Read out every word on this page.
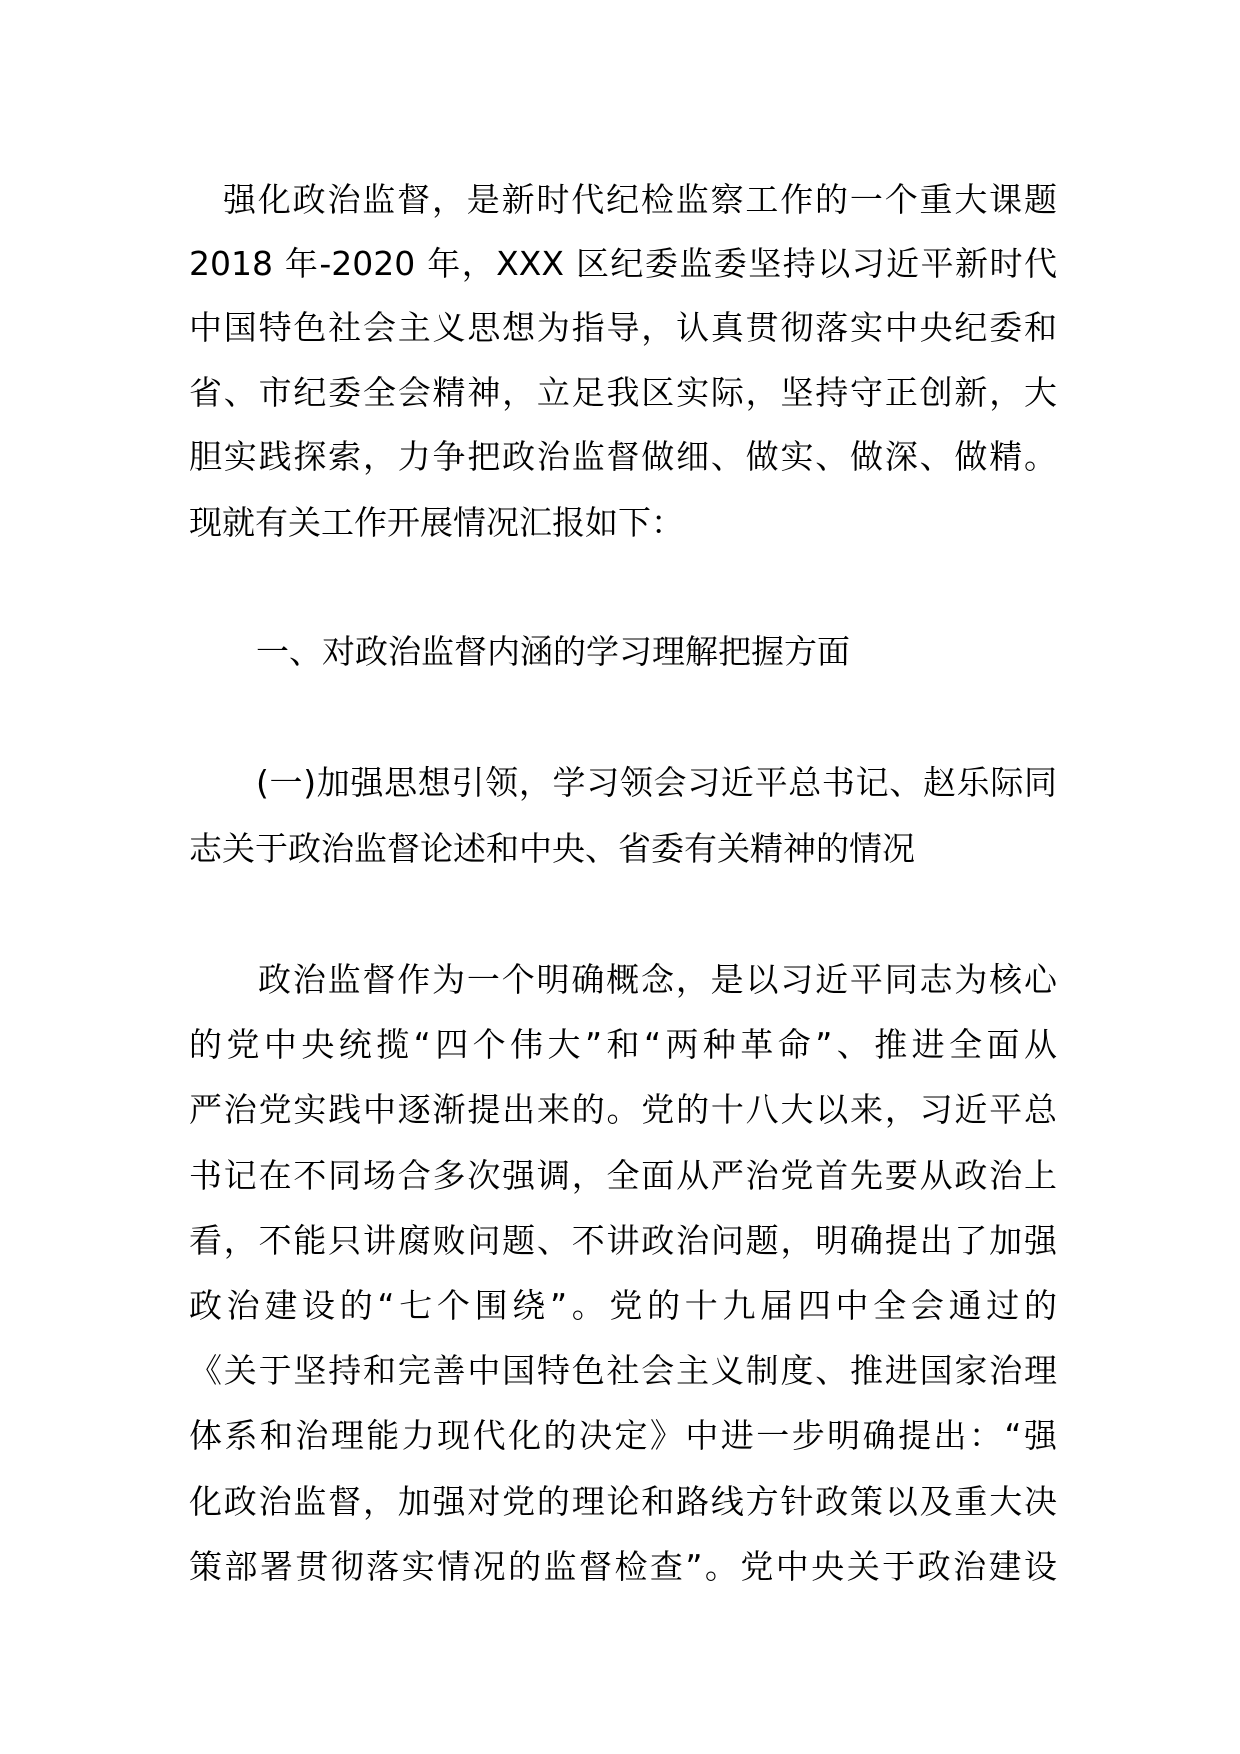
强化政治监督，是新时代纪检监察工作的一个重大课题
2018 年-2020 年，XXX 区纪委监委坚持以习近平新时代
中国特色社会主义思想为指导，认真贯彻落实中央纪委和
省、市纪委全会精神，立足我区实际，坚持守正创新，大
胆实践探索，力争把政治监督做细、做实、做深、做精。
现就有关工作开展情况汇报如下：
一、对政治监督内涵的学习理解把握方面
(一)加强思想引领，学习领会习近平总书记、赵乐际同
志关于政治监督论述和中央、省委有关精神的情况
政治监督作为一个明确概念，是以习近平同志为核心
的党中央统揽“四个伟大”和“两种革命”、推进全面从
严治党实践中逐渐提出来的。党的十八大以来，习近平总
书记在不同场合多次强调，全面从严治党首先要从政治上
看，不能只讲腐败问题、不讲政治问题，明确提出了加强
政治建设的“七个围绕”。党的十九届四中全会通过的
《关于坚持和完善中国特色社会主义制度、推进国家治理
体系和治理能力现代化的决定》中进一步明确提出：“强
化政治监督，加强对党的理论和路线方针政策以及重大决
策部署贯彻落实情况的监督检查”。党中央关于政治建设
